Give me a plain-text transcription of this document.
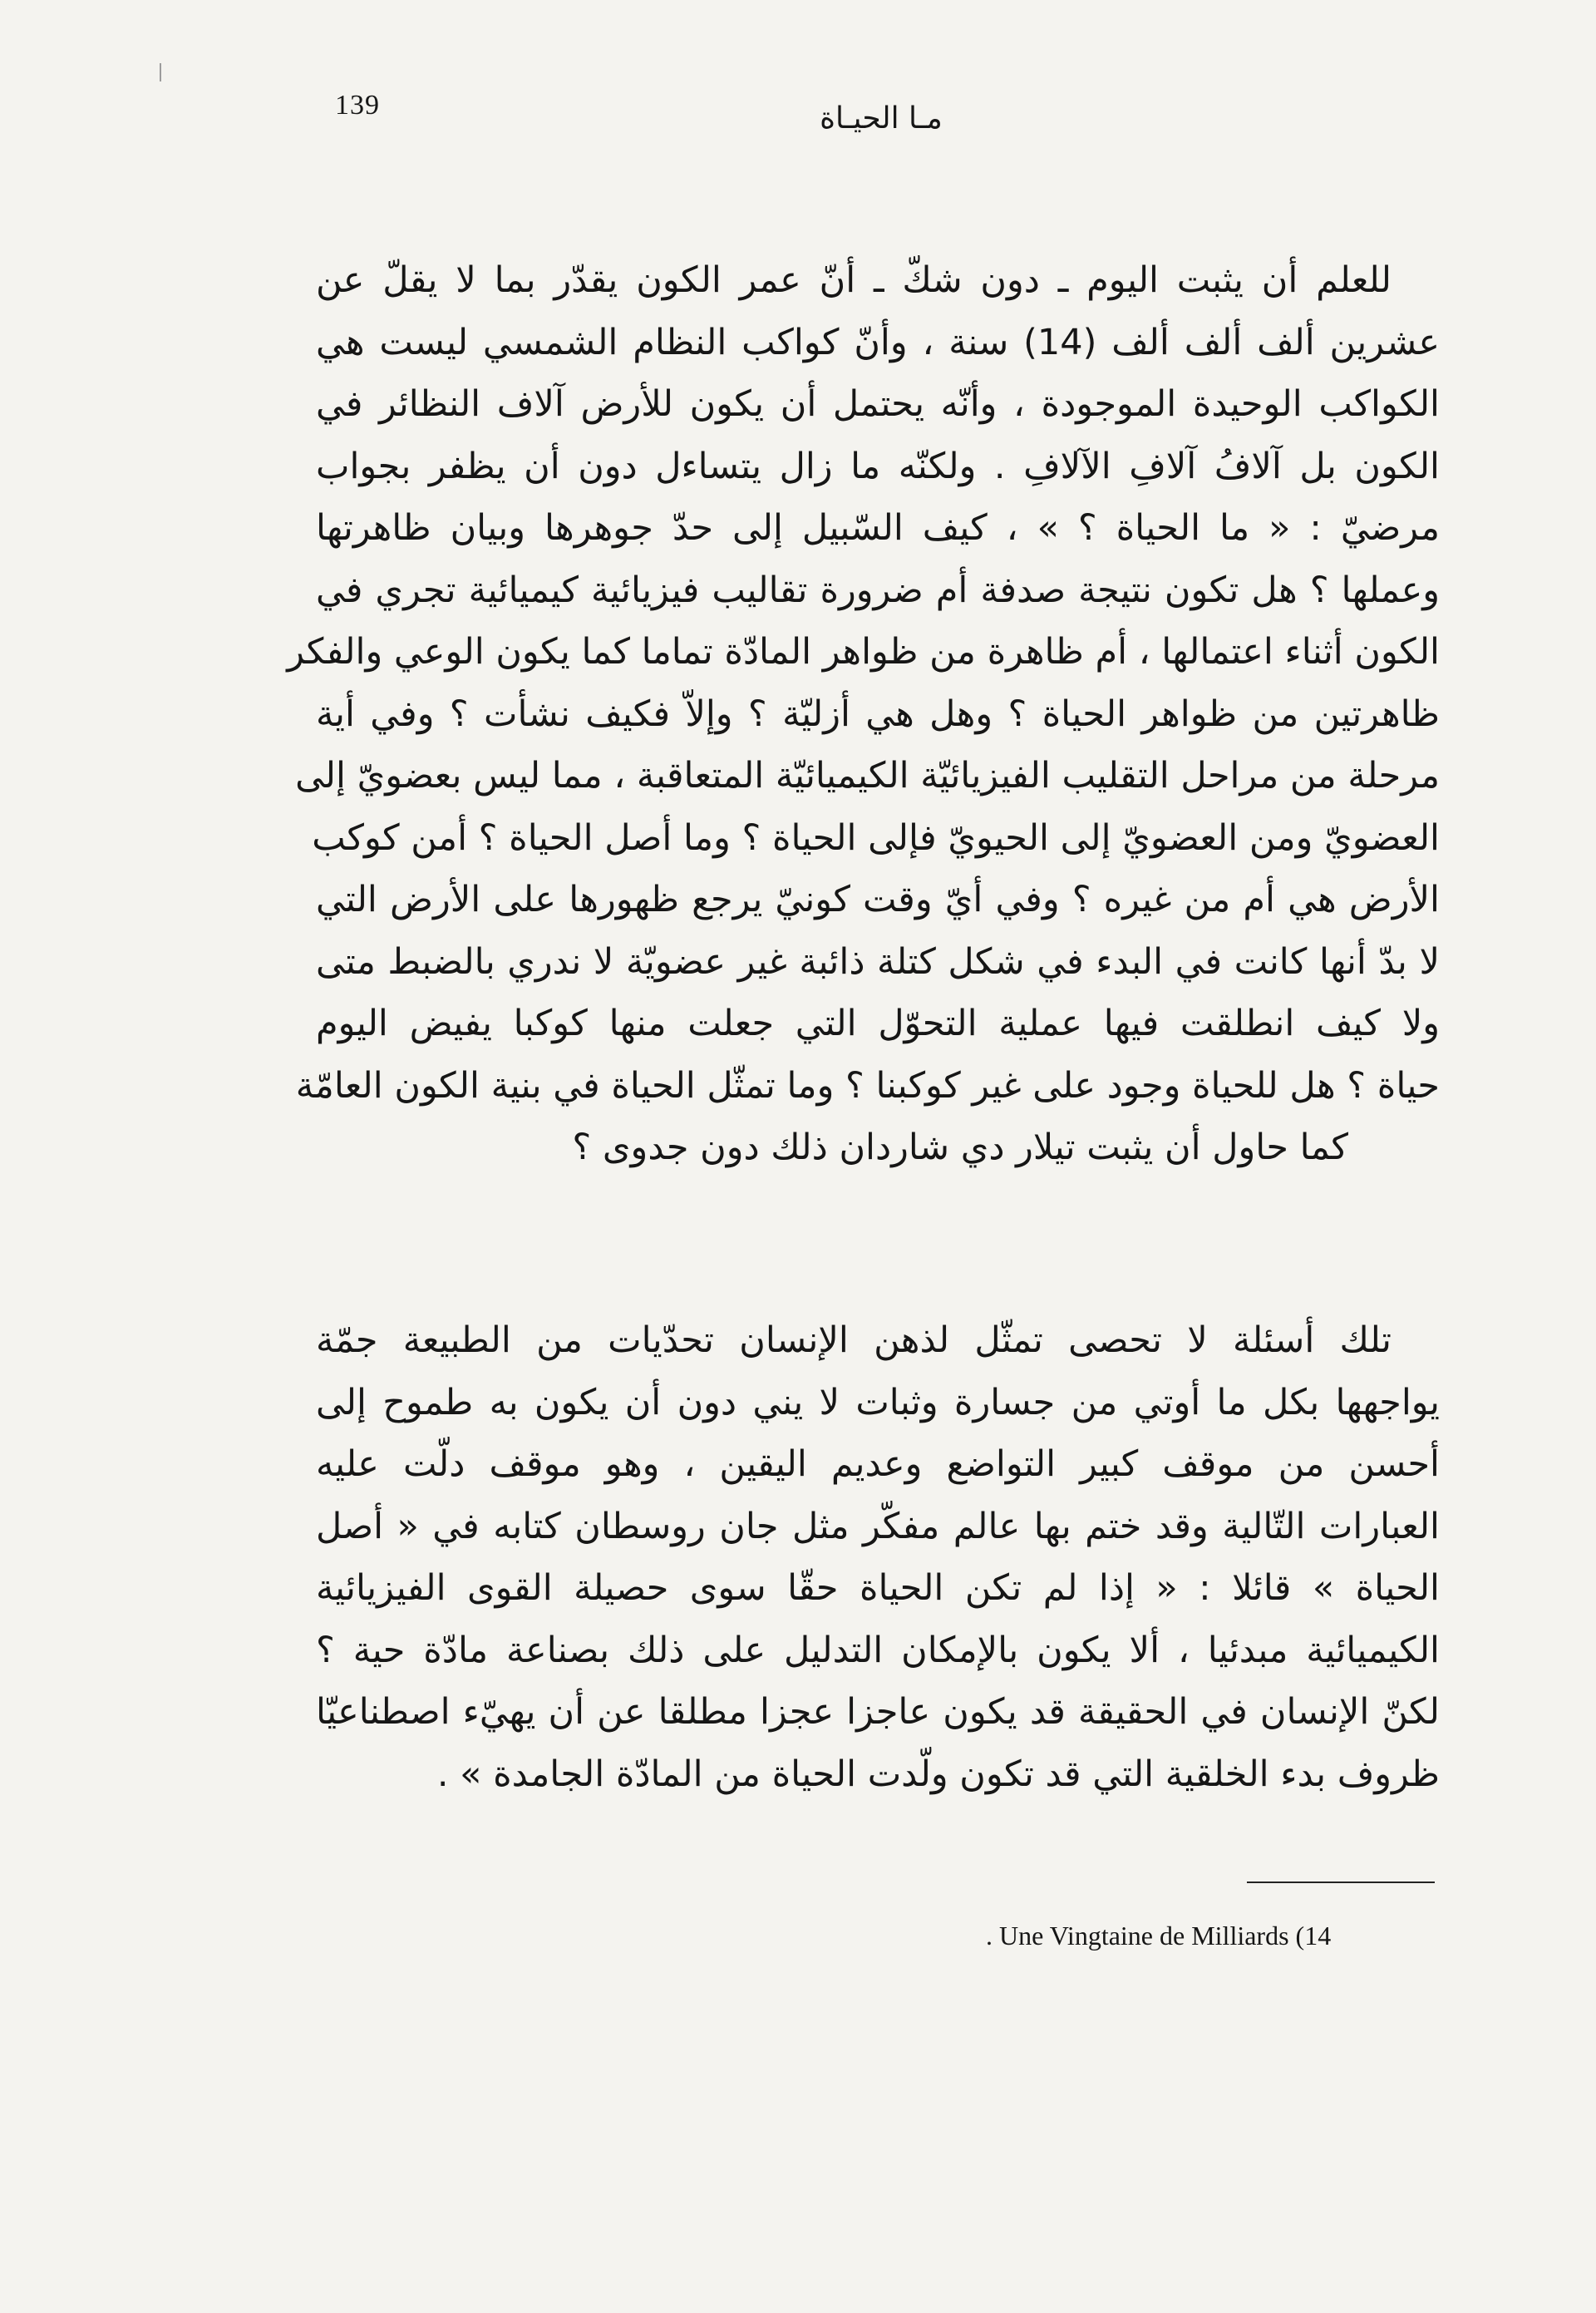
139	مـا الحيـاة
للعلم أن يثبت اليوم ـ دون شكّ ـ أنّ عمر الكون يقدّر بما لا يقلّ عن
عشرين ألف ألف ألف (14) سنة ، وأنّ كواكب النظام الشمسي ليست هي
الكواكب الوحيدة الموجودة ، وأنّه يحتمل أن يكون للأرض آلاف النظائر في
الكون بل آلافُ آلافِ الآلافِ . ولكنّه ما زال يتساءل دون أن يظفر بجواب
مرضيّ : « ما الحياة ؟ » ، كيف السّبيل إلى حدّ جوهرها وبيان ظاهرتها
وعملها ؟ هل تكون نتيجة صدفة أم ضرورة تقاليب فيزيائية كيميائية تجري في
الكون أثناء اعتمالها ، أم ظاهرة من ظواهر المادّة تماما كما يكون الوعي والفكر
ظاهرتين من ظواهر الحياة ؟ وهل هي أزليّة ؟ وإلاّ فكيف نشأت ؟ وفي أية
مرحلة من مراحل التقليب الفيزيائيّة الكيميائيّة المتعاقبة ، مما ليس بعضويّ إلى
العضويّ ومن العضويّ إلى الحيويّ فإلى الحياة ؟ وما أصل الحياة ؟ أمن كوكب
الأرض هي أم من غيره ؟ وفي أيّ وقت كونيّ يرجع ظهورها على الأرض التي
لا بدّ أنها كانت في البدء في شكل كتلة ذائبة غير عضويّة لا ندري بالضبط متى
ولا كيف انطلقت فيها عملية التحوّل التي جعلت منها كوكبا يفيض اليوم
حياة ؟ هل للحياة وجود على غير كوكبنا ؟ وما تمثّل الحياة في بنية الكون العامّة
كما حاول أن يثبت تيلار دي شاردان ذلك دون جدوى ؟
تلك أسئلة لا تحصى تمثّل لذهن الإنسان تحدّيات من الطبيعة جمّة
يواجهها بكل ما أوتي من جسارة وثبات لا يني دون أن يكون به طموح إلى
أحسن من موقف كبير التواضع وعديم اليقين ، وهو موقف دلّت عليه
العبارات التّالية وقد ختم بها عالم مفكّر مثل جان روسطان كتابه في « أصل
الحياة » قائلا : « إذا لم تكن الحياة حقّا سوى حصيلة القوى الفيزيائية
الكيميائية مبدئيا ، ألا يكون بالإمكان التدليل على ذلك بصناعة مادّة حية ؟
لكنّ الإنسان في الحقيقة قد يكون عاجزا عجزا مطلقا عن أن يهيّء اصطناعيّا
ظروف بدء الخلقية التي قد تكون ولّدت الحياة من المادّة الجامدة » .
. Une Vingtaine de Milliards (14
